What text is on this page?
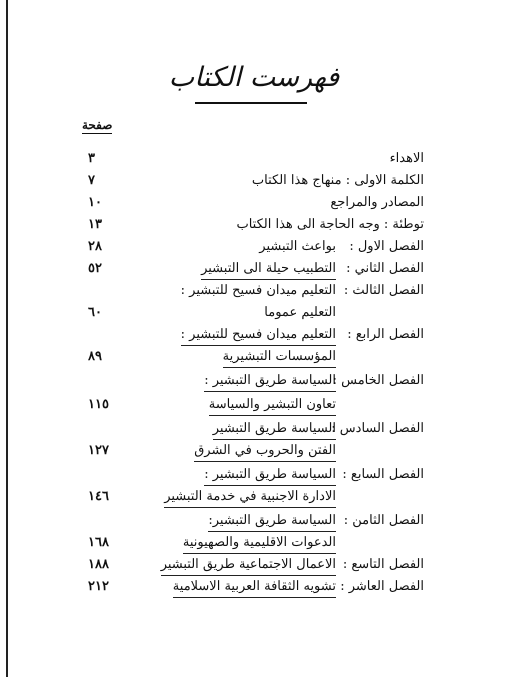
فهرست الكتاب
صفحة
الاهداء
٣
الكلمة الاولى : منهاج هذا الكتاب
٧
المصادر والمراجع
١٠
توطئة : وجه الحاجة الى هذا الكتاب
١٣
الفصل الاول :
بواعث التبشير
٢٨
الفصل الثاني :
التطبيب حيلة الى التبشير
٥٢
الفصل الثالث :
التعليم ميدان فسيح للتبشير :
التعليم عموما
٦٠
الفصل الرابع :
التعليم ميدان فسيح للتبشير :
المؤسسات التبشيرية
٨٩
الفصل الخامس :
السياسة طريق التبشير :
تعاون التبشير والسياسة
١١٥
الفصل السادس :
السياسة طريق التبشير
الفتن والحروب في الشرق
١٢٧
الفصل السابع :
السياسة طريق التبشير :
الادارة الاجنبية في خدمة التبشير
١٤٦
الفصل الثامن :
السياسة طريق التبشير:
الدعوات الاقليمية والصهيونية
١٦٨
الفصل التاسع :
الاعمال الاجتماعية طريق التبشير
١٨٨
الفصل العاشر :
تشويه الثقافة العربية الاسلامية
٢١٢
